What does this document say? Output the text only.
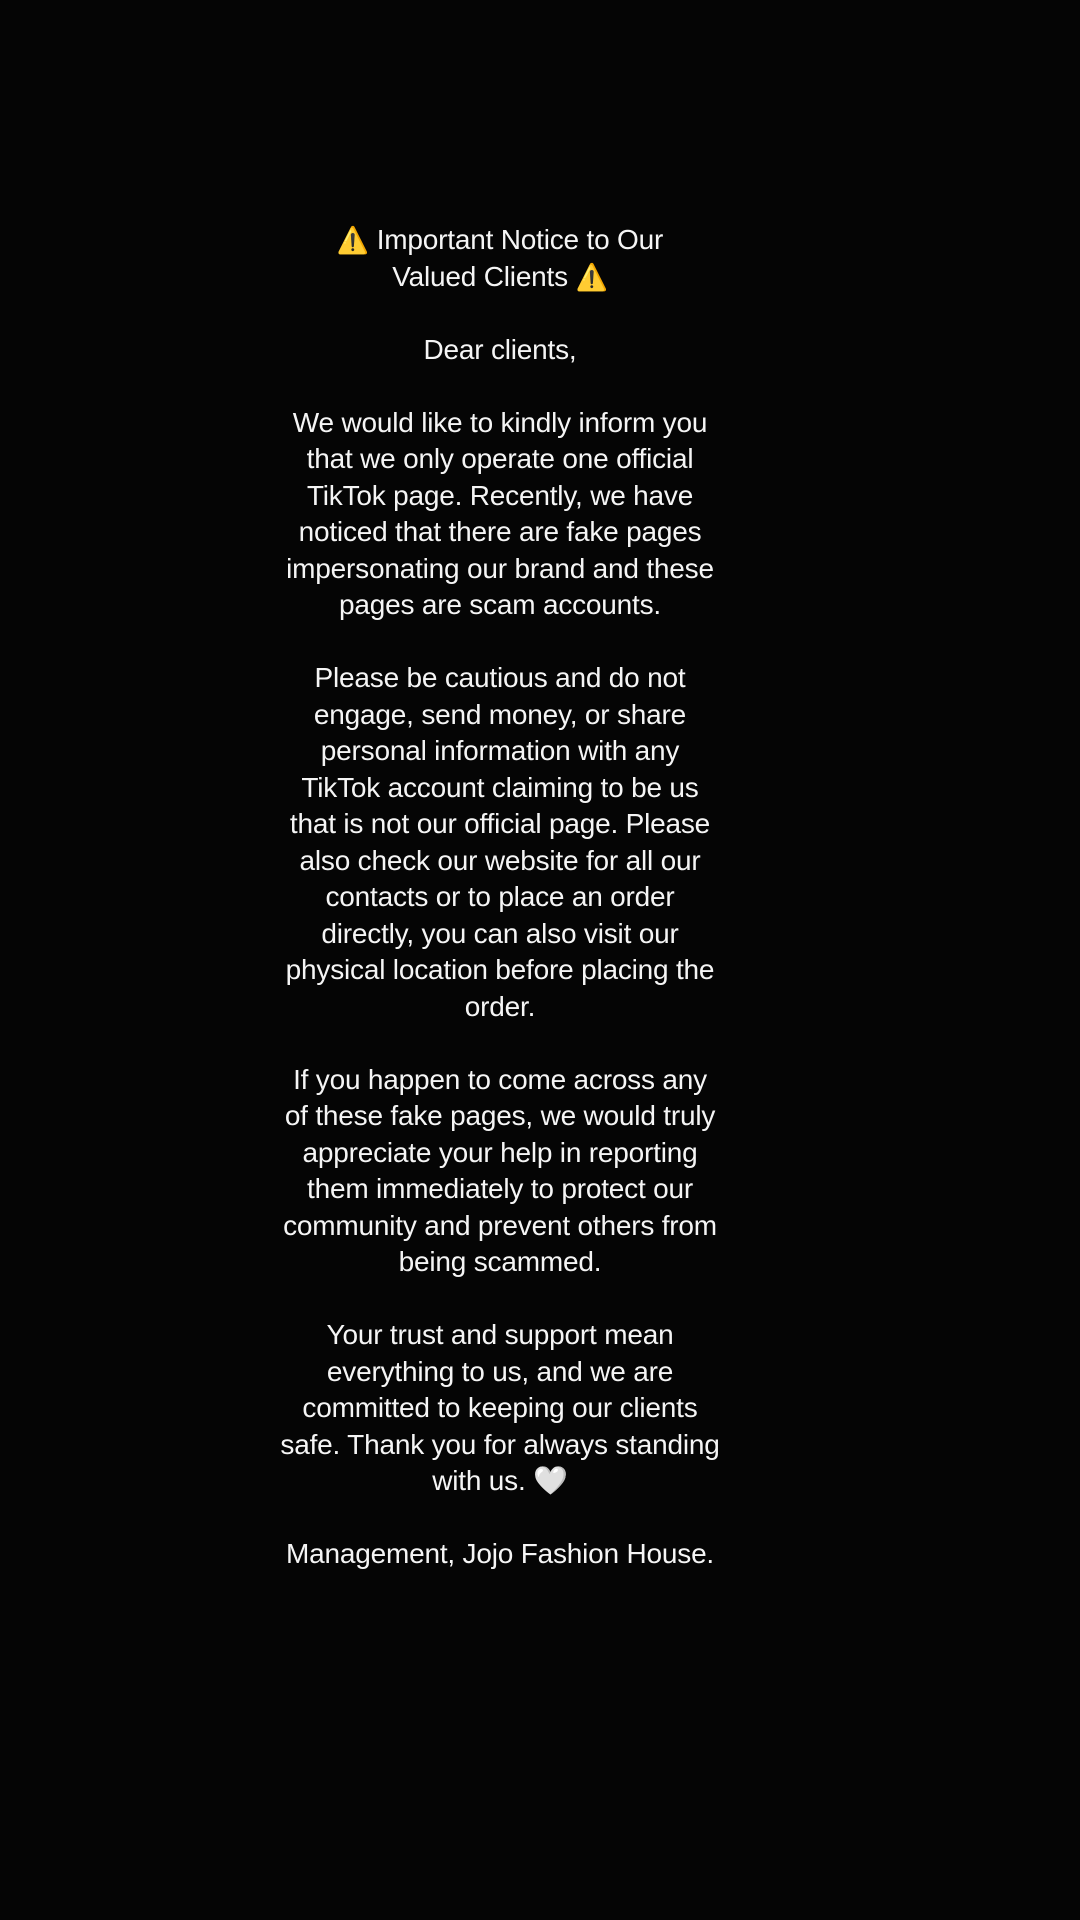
⚠️ Important Notice to Our
Valued Clients ⚠️

Dear clients,

We would like to kindly inform you that we only operate one official TikTok page. Recently, we have noticed that there are fake pages impersonating our brand and these pages are scam accounts.

Please be cautious and do not engage, send money, or share personal information with any TikTok account claiming to be us that is not our official page. Please also check our website for all our contacts or to place an order directly, you can also visit our physical location before placing the order.

If you happen to come across any of these fake pages, we would truly appreciate your help in reporting them immediately to protect our community and prevent others from being scammed.

Your trust and support mean everything to us, and we are committed to keeping our clients safe. Thank you for always standing with us. 🤍

Management, Jojo Fashion House.
